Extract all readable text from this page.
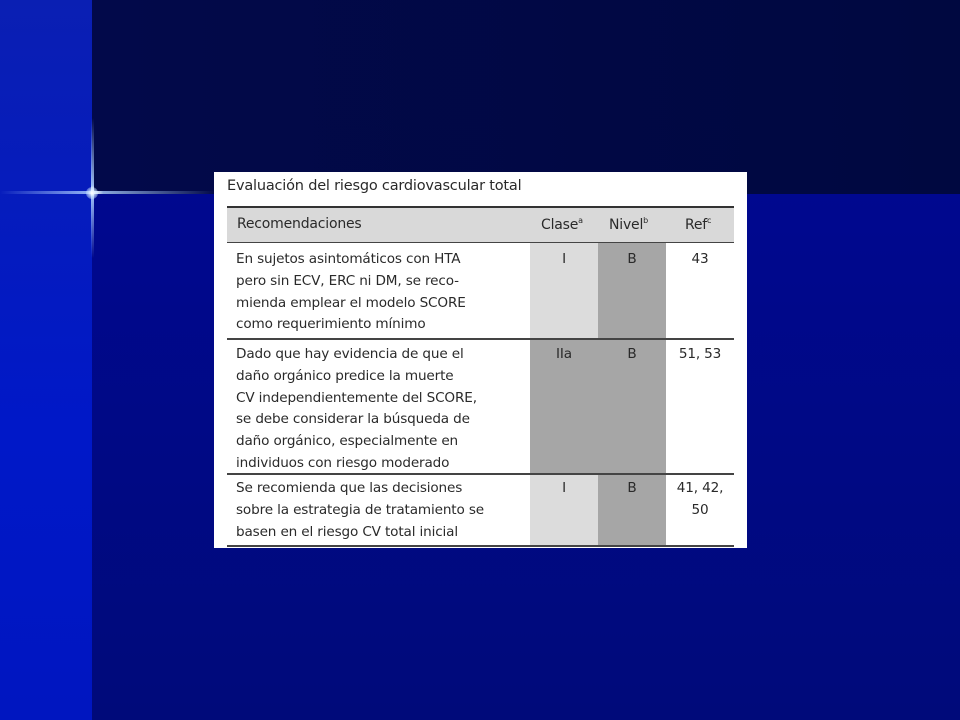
Evaluación del riesgo cardiovascular total
Recomendaciones	Clase$^a$ Nivel$^b$	Ref$^c$
En sujetos asintomáticos con HTA
pero sin ECV, ERC ni DM, se reco-
mienda emplear el modelo SCORE
como requerimiento mínimo
I	B	43
Dado que hay evidencia de que el
daño orgánico predice la muerte
CV independientemente del SCORE,
se debe considerar la búsqueda de
daño orgánico, especialmente en
individuos con riesgo moderado
IIa	B	51, 53
Se recomienda que las decisiones
sobre la estrategia de tratamiento se
basen en el riesgo CV total inicial
I	B	41, 42,
50
